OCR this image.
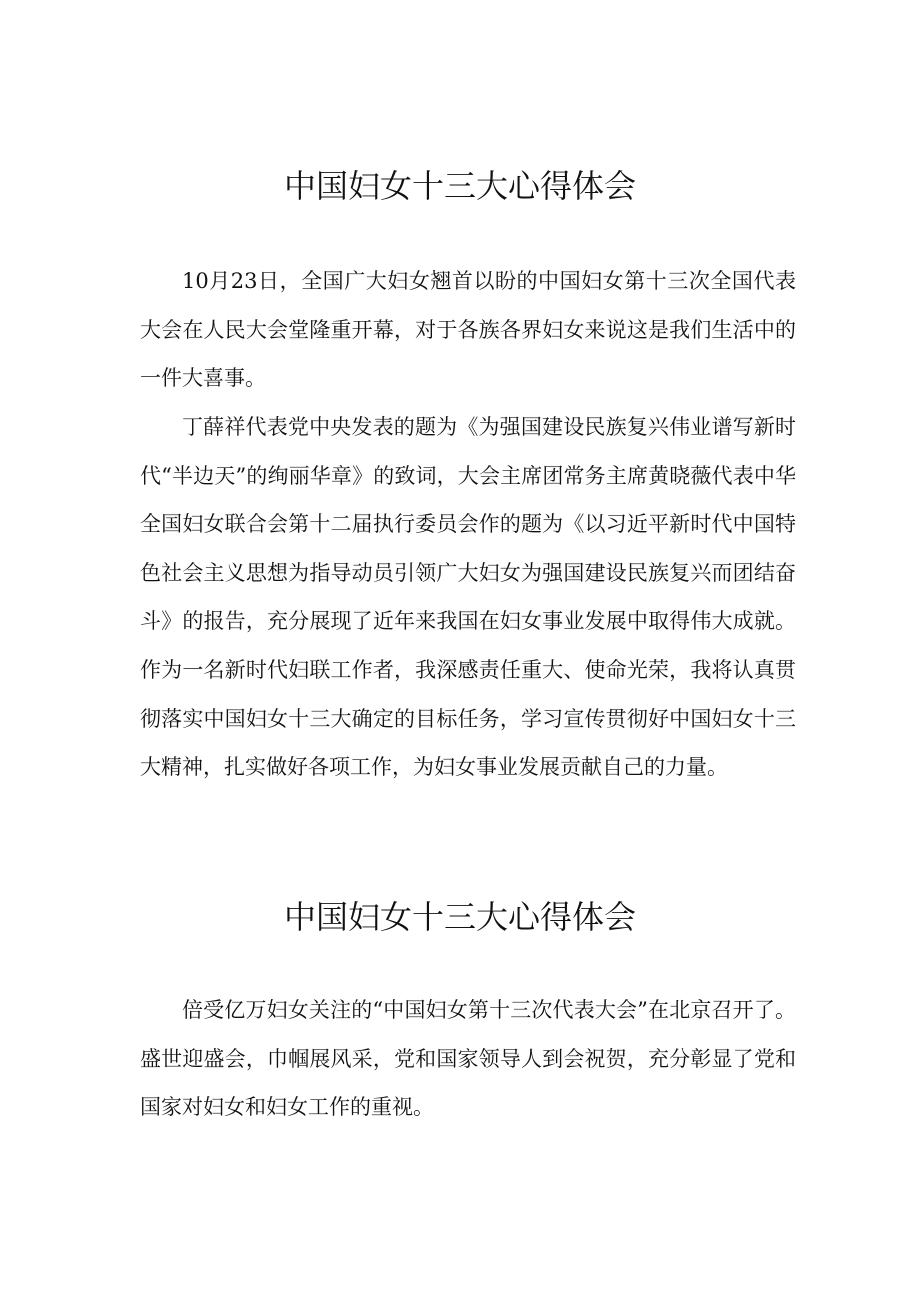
中国妇女十三大心得体会

10月23日，全国广大妇女翘首以盼的中国妇女第十三次全国代表大会在人民大会堂隆重开幕，对于各族各界妇女来说这是我们生活中的一件大喜事。

丁薛祥代表党中央发表的题为《为强国建设民族复兴伟业谱写新时代“半边天”的绚丽华章》的致词，大会主席团常务主席黄晓薇代表中华全国妇女联合会第十二届执行委员会作的题为《以习近平新时代中国特色社会主义思想为指导动员引领广大妇女为强国建设民族复兴而团结奋斗》的报告，充分展现了近年来我国在妇女事业发展中取得伟大成就。作为一名新时代妇联工作者，我深感责任重大、使命光荣，我将认真贯彻落实中国妇女十三大确定的目标任务，学习宣传贯彻好中国妇女十三大精神，扎实做好各项工作，为妇女事业发展贡献自己的力量。

中国妇女十三大心得体会

倍受亿万妇女关注的“中国妇女第十三次代表大会”在北京召开了。盛世迎盛会，巾帼展风采，党和国家领导人到会祝贺，充分彰显了党和国家对妇女和妇女工作的重视。
